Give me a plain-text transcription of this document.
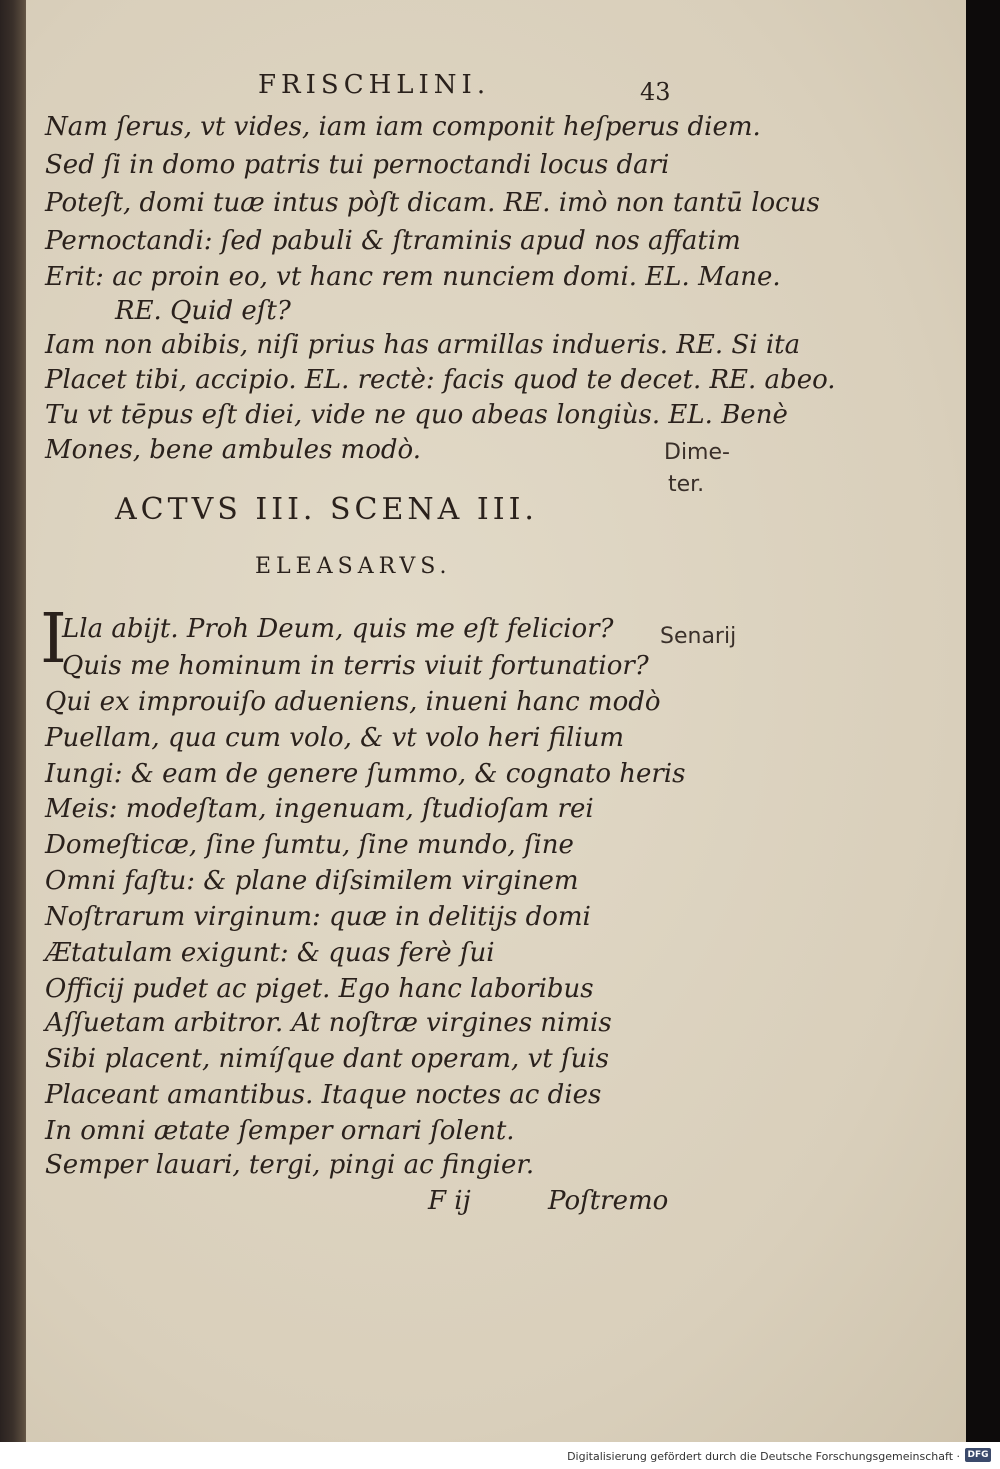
FRISCHLINI.	43
Nam ſerus, vt vides, iam iam componit heſperus diem.
Sed ſi in domo patris tui pernoctandi locus dari
Poteſt, domi tuæ intus pòſt dicam. RE. imò non tantū locus
Pernoctandi: ſed pabuli & ſtraminis apud nos affatim
Erit: ac proin eo, vt hanc rem nunciem domi. EL. Mane.
RE. Quid eſt?
Iam non abibis, niſi prius has armillas indueris. RE. Si ita
Placet tibi, accipio. EL. rectè: facis quod te decet. RE. abeo.
Tu vt tēpus eſt diei, vide ne quo abeas longiùs. EL. Benè
Mones, bene ambules modò.	Dime-
ter.
ACTVS III. SCENA III.
ELEASARVS.
Senarij
I
Lla abijt. Proh Deum, quis me eſt felicior?
Quis me hominum in terris viuit fortunatior?
Qui ex improuiſo adueniens, inueni hanc modò
Puellam, qua cum volo, & vt volo heri filium
Iungi: & eam de genere ſummo, & cognato heris
Meis: modeſtam, ingenuam, ſtudioſam rei
Domeſticæ, ſine ſumtu, ſine mundo, ſine
Omni faſtu: & plane diſsimilem virginem
Noſtrarum virginum: quæ in delitijs domi
Ætatulam exigunt: & quas ferè ſui
Officij pudet ac piget. Ego hanc laboribus
Aſſuetam arbitror. At noſtræ virgines nimis
Sibi placent, nimíſque dant operam, vt ſuis
Placeant amantibus. Itaque noctes ac dies
In omni ætate ſemper ornari ſolent.
Semper lauari, tergi, pingi ac fingier.
F ij	Poſtremo
Digitalisierung gefördert durch die Deutsche Forschungsgemeinschaft · DFG
